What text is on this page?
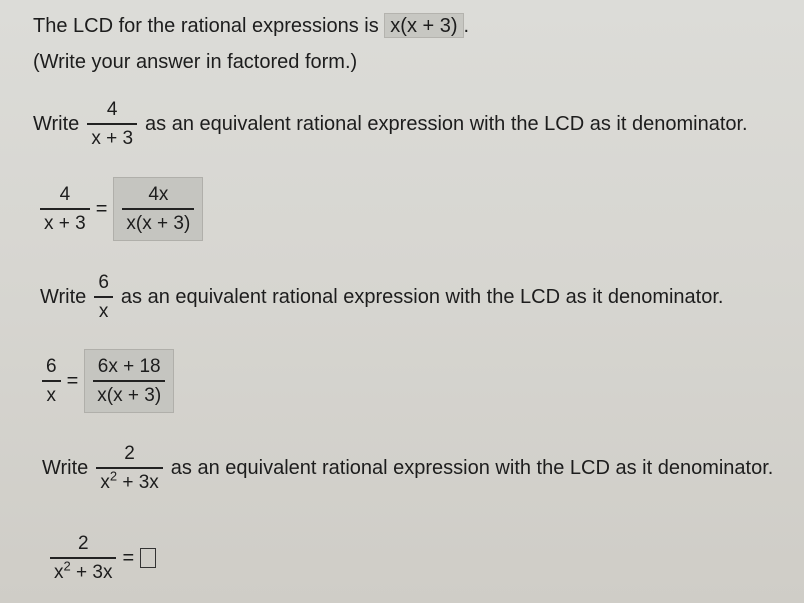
The LCD for the rational expressions is x(x + 3) .
(Write your answer in factored form.)
Write $\frac{4}{x + 3}$ as an equivalent rational expression with the LCD as it denominator.
$\frac{4}{x + 3} = \frac{4x}{x(x + 3)}$
Write $\frac{6}{x}$ as an equivalent rational expression with the LCD as it denominator.
$\frac{6}{x} = \frac{6x + 18}{x(x + 3)}$
Write $\frac{2}{x^2 + 3x}$ as an equivalent rational expression with the LCD as it denominator.
$\frac{2}{x^2 + 3x}$ =
